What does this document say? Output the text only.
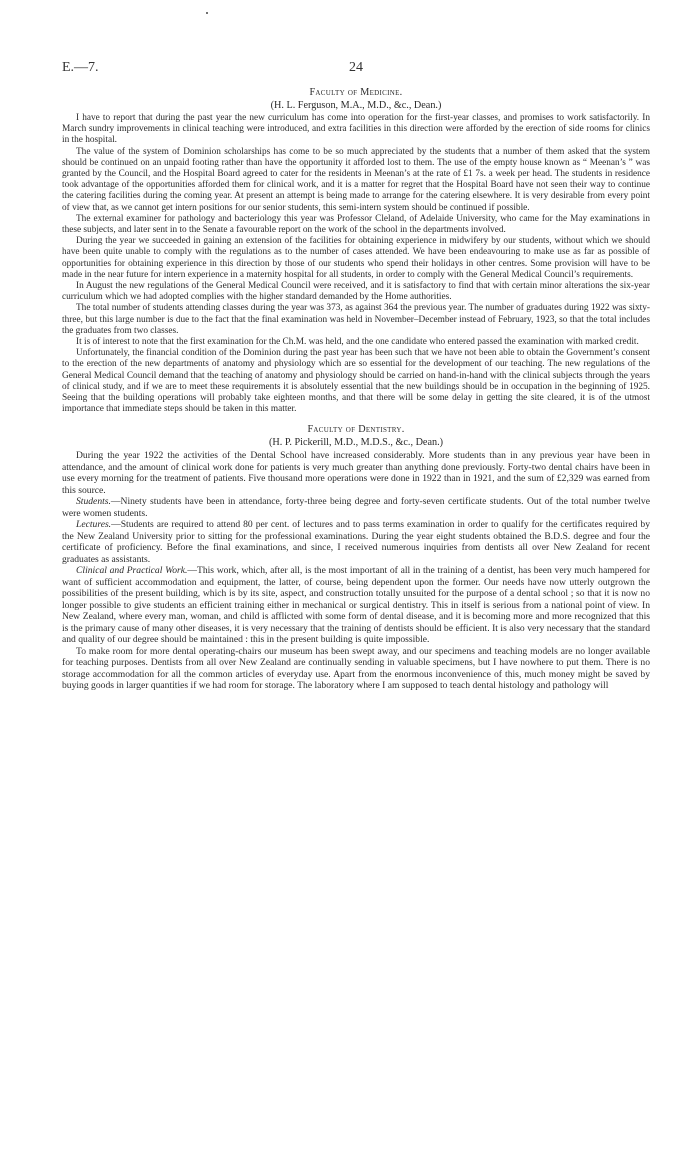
E.—7.	24
Faculty of Medicine.
(H. L. Ferguson, M.A., M.D., &c., Dean.)

I have to report that during the past year the new curriculum has come into operation for the first-year classes, and promises to work satisfactorily. In March sundry improvements in clinical teaching were introduced, and extra facilities in this direction were afforded by the erection of side rooms for clinics in the hospital.

The value of the system of Dominion scholarships has come to be so much appreciated by the students that a number of them asked that the system should be continued on an unpaid footing rather than have the opportunity it afforded lost to them. The use of the empty house known as “ Meenan’s ” was granted by the Council, and the Hospital Board agreed to cater for the residents in Meenan’s at the rate of £1 7s. a week per head. The students in residence took advantage of the opportunities afforded them for clinical work, and it is a matter for regret that the Hospital Board have not seen their way to continue the catering facilities during the coming year. At present an attempt is being made to arrange for the catering elsewhere. It is very desirable from every point of view that, as we cannot get intern positions for our senior students, this semi-intern system should be continued if possible.

The external examiner for pathology and bacteriology this year was Professor Cleland, of Adelaide University, who came for the May examinations in these subjects, and later sent in to the Senate a favourable report on the work of the school in the departments involved.

During the year we succeeded in gaining an extension of the facilities for obtaining experience in midwifery by our students, without which we should have been quite unable to comply with the regulations as to the number of cases attended. We have been endeavouring to make use as far as possible of opportunities for obtaining experience in this direction by those of our students who spend their holidays in other centres. Some provision will have to be made in the near future for intern experience in a maternity hospital for all students, in order to comply with the General Medical Council’s requirements.

In August the new regulations of the General Medical Council were received, and it is satisfactory to find that with certain minor alterations the six-year curriculum which we had adopted complies with the higher standard demanded by the Home authorities.

The total number of students attending classes during the year was 373, as against 364 the previous year. The number of graduates during 1922 was sixty-three, but this large number is due to the fact that the final examination was held in November–December instead of February, 1923, so that the total includes the graduates from two classes.

It is of interest to note that the first examination for the Ch.M. was held, and the one candidate who entered passed the examination with marked credit.

Unfortunately, the financial condition of the Dominion during the past year has been such that we have not been able to obtain the Government’s consent to the erection of the new departments of anatomy and physiology which are so essential for the development of our teaching. The new regulations of the General Medical Council demand that the teaching of anatomy and physiology should be carried on hand-in-hand with the clinical subjects through the years of clinical study, and if we are to meet these requirements it is absolutely essential that the new buildings should be in occupation in the beginning of 1925. Seeing that the building operations will probably take eighteen months, and that there will be some delay in getting the site cleared, it is of the utmost importance that immediate steps should be taken in this matter.

Faculty of Dentistry.
(H. P. Pickerill, M.D., M.D.S., &c., Dean.)

During the year 1922 the activities of the Dental School have increased considerably. More students than in any previous year have been in attendance, and the amount of clinical work done for patients is very much greater than anything done previously. Forty-two dental chairs have been in use every morning for the treatment of patients. Five thousand more operations were done in 1922 than in 1921, and the sum of £2,329 was earned from this source.

Students.—Ninety students have been in attendance, forty-three being degree and forty-seven certificate students. Out of the total number twelve were women students.

Lectures.—Students are required to attend 80 per cent. of lectures and to pass terms examination in order to qualify for the certificates required by the New Zealand University prior to sitting for the professional examinations. During the year eight students obtained the B.D.S. degree and four the certificate of proficiency. Before the final examinations, and since, I received numerous inquiries from dentists all over New Zealand for recent graduates as assistants.

Clinical and Practical Work.—This work, which, after all, is the most important of all in the training of a dentist, has been very much hampered for want of sufficient accommodation and equipment, the latter, of course, being dependent upon the former. Our needs have now utterly outgrown the possibilities of the present building, which is by its site, aspect, and construction totally unsuited for the purpose of a dental school ; so that it is now no longer possible to give students an efficient training either in mechanical or surgical dentistry. This in itself is serious from a national point of view. In New Zealand, where every man, woman, and child is afflicted with some form of dental disease, and it is becoming more and more recognized that this is the primary cause of many other diseases, it is very necessary that the training of dentists should be efficient. It is also very necessary that the standard and quality of our degree should be maintained : this in the present building is quite impossible.

To make room for more dental operating-chairs our museum has been swept away, and our specimens and teaching models are no longer available for teaching purposes. Dentists from all over New Zealand are continually sending in valuable specimens, but I have nowhere to put them. There is no storage accommodation for all the common articles of everyday use. Apart from the enormous inconvenience of this, much money might be saved by buying goods in larger quantities if we had room for storage. The laboratory where I am supposed to teach dental histology and pathology will
